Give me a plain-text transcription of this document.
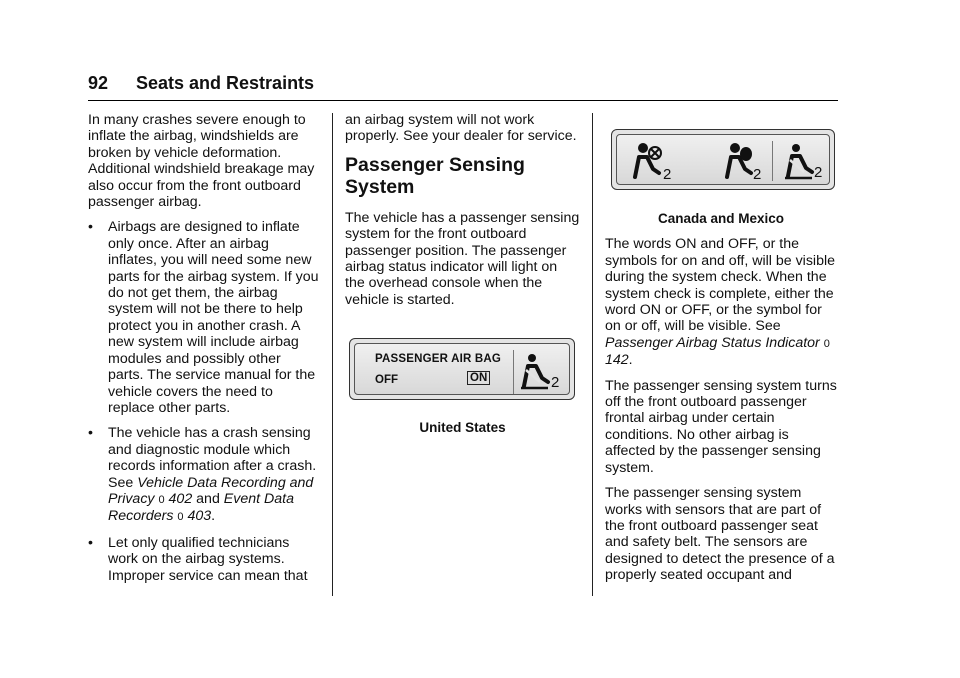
92 Seats and Restraints

In many crashes severe enough to inflate the airbag, windshields are broken by vehicle deformation. Additional windshield breakage may also occur from the front outboard passenger airbag.

• Airbags are designed to inflate only once. After an airbag inflates, you will need some new parts for the airbag system. If you do not get them, the airbag system will not be there to help protect you in another crash. A new system will include airbag modules and possibly other parts. The service manual for the vehicle covers the need to replace other parts.
• The vehicle has a crash sensing and diagnostic module which records information after a crash. See Vehicle Data Recording and Privacy 0 402 and Event Data Recorders 0 403.
• Let only qualified technicians work on the airbag systems. Improper service can mean that

an airbag system will not work properly. See your dealer for service.

Passenger Sensing System

The vehicle has a passenger sensing system for the front outboard passenger position. The passenger airbag status indicator will light on the overhead console when the vehicle is started.

PASSENGER AIR BAG
OFF	ON	2
United States
2	2	2
Canada and Mexico

The words ON and OFF, or the symbols for on and off, will be visible during the system check. When the system check is complete, either the word ON or OFF, or the symbol for on or off, will be visible. See Passenger Airbag Status Indicator 0 142.

The passenger sensing system turns off the front outboard passenger frontal airbag under certain conditions. No other airbag is affected by the passenger sensing system.

The passenger sensing system works with sensors that are part of the front outboard passenger seat and safety belt. The sensors are designed to detect the presence of a properly seated occupant and
